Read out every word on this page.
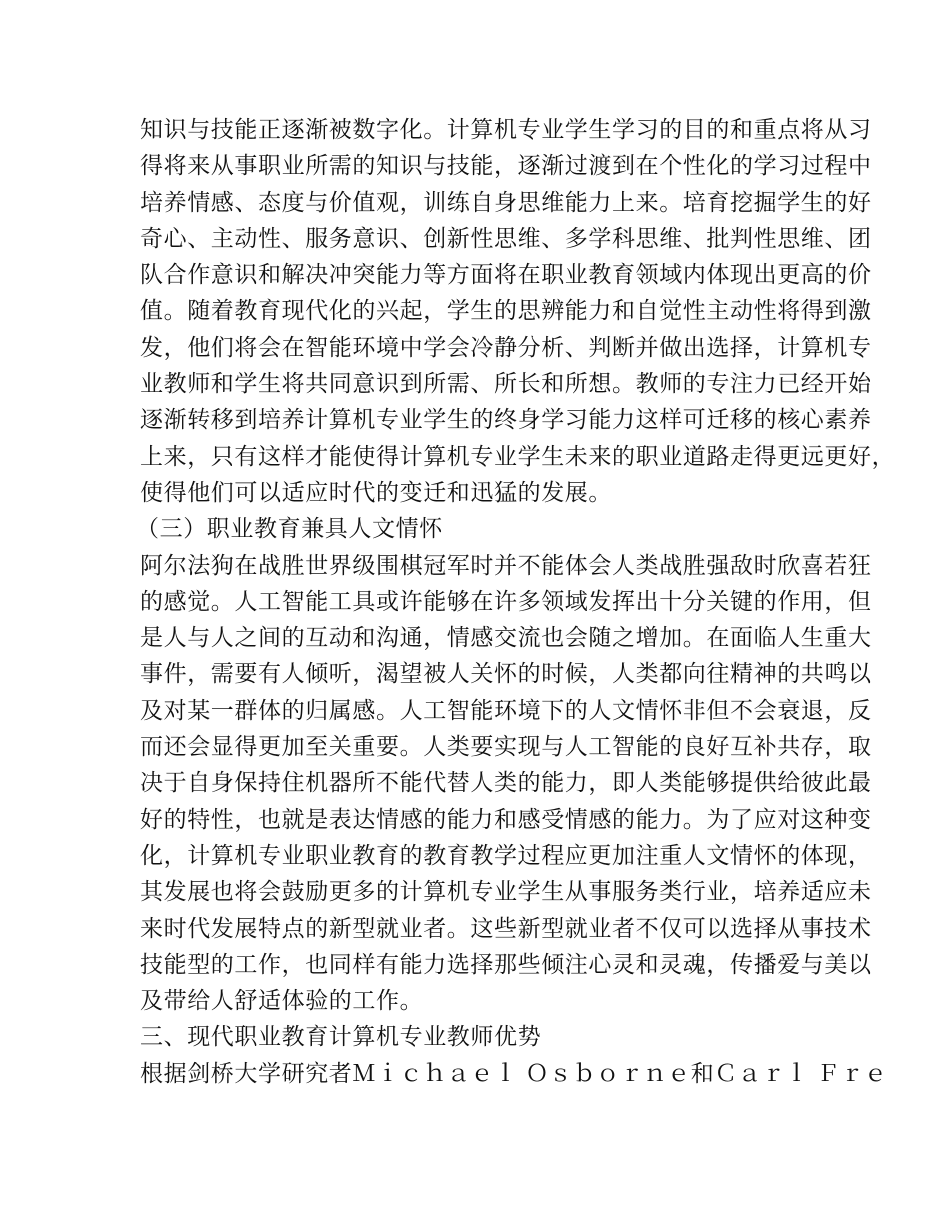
知识与技能正逐渐被数字化。计算机专业学生学习的目的和重点将从习
得将来从事职业所需的知识与技能，逐渐过渡到在个性化的学习过程中
培养情感、态度与价值观，训练自身思维能力上来。培育挖掘学生的好
奇心、主动性、服务意识、创新性思维、多学科思维、批判性思维、团
队合作意识和解决冲突能力等方面将在职业教育领域内体现出更高的价
值。随着教育现代化的兴起，学生的思辨能力和自觉性主动性将得到激
发，他们将会在智能环境中学会冷静分析、判断并做出选择，计算机专
业教师和学生将共同意识到所需、所长和所想。教师的专注力已经开始
逐渐转移到培养计算机专业学生的终身学习能力这样可迁移的核心素养
上来，只有这样才能使得计算机专业学生未来的职业道路走得更远更好，
使得他们可以适应时代的变迁和迅猛的发展。
（三）职业教育兼具人文情怀
阿尔法狗在战胜世界级围棋冠军时并不能体会人类战胜强敌时欣喜若狂
的感觉。人工智能工具或许能够在许多领域发挥出十分关键的作用，但
是人与人之间的互动和沟通，情感交流也会随之增加。在面临人生重大
事件，需要有人倾听，渴望被人关怀的时候，人类都向往精神的共鸣以
及对某一群体的归属感。人工智能环境下的人文情怀非但不会衰退，反
而还会显得更加至关重要。人类要实现与人工智能的良好互补共存，取
决于自身保持住机器所不能代替人类的能力，即人类能够提供给彼此最
好的特性，也就是表达情感的能力和感受情感的能力。为了应对这种变
化，计算机专业职业教育的教育教学过程应更加注重人文情怀的体现，
其发展也将会鼓励更多的计算机专业学生从事服务类行业，培养适应未
来时代发展特点的新型就业者。这些新型就业者不仅可以选择从事技术
技能型的工作，也同样有能力选择那些倾注心灵和灵魂，传播爱与美以
及带给人舒适体验的工作。
三、现代职业教育计算机专业教师优势
根据剑桥大学研究者Ｍｉｃｈａｅｌ Ｏｓｂｏｒｎｅ和Ｃａｒｌ Ｆｒｅ
